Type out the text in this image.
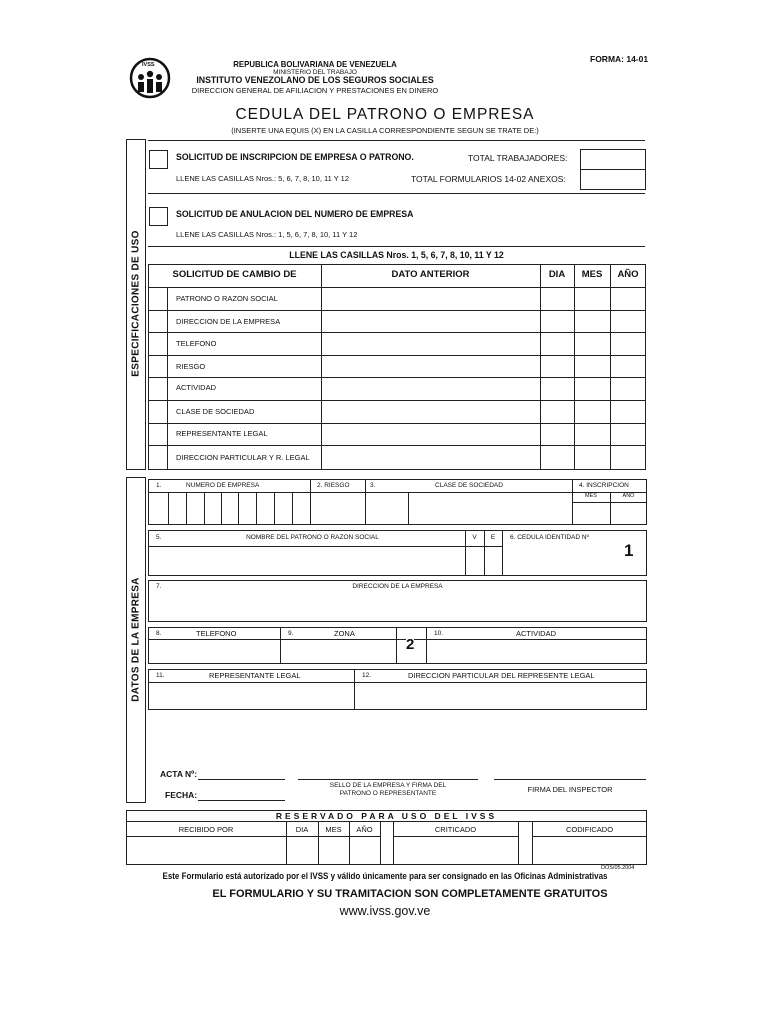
IVSS	REPUBLICA BOLIVARIANA DE VENEZUELA
MINISTERIO DEL TRABAJO
INSTITUTO VENEZOLANO DE LOS SEGUROS SOCIALES
DIRECCION GENERAL DE AFILIACION Y PRESTACIONES EN DINERO
FORMA: 14-01
CEDULA DEL PATRONO O EMPRESA
(INSERTE UNA EQUIS (X) EN LA CASILLA CORRESPONDIENTE SEGUN SE TRATE DE:)
ESPECIFICACIONES DE USO
SOLICITUD DE INSCRIPCION DE EMPRESA O PATRONO.
LLENE LAS CASILLAS Nros.: 5, 6, 7, 8, 10, 11 Y 12
TOTAL TRABAJADORES:
TOTAL FORMULARIOS 14-02 ANEXOS:
SOLICITUD DE ANULACION DEL NUMERO DE EMPRESA
LLENE LAS CASILLAS Nros.: 1, 5, 6, 7, 8, 10, 11 Y 12
LLENE LAS CASILLAS Nros. 1, 5, 6, 7, 8, 10, 11 Y 12
SOLICITUD DE CAMBIO DE	DATO ANTERIOR	DIA	MES	AÑO
PATRONO O RAZON SOCIAL
DIRECCION DE LA EMPRESA
TELEFONO
RIESGO
ACTIVIDAD
CLASE DE SOCIEDAD
REPRESENTANTE LEGAL
DIRECCION PARTICULAR Y R. LEGAL
DATOS DE LA EMPRESA
1.	NUMERO DE EMPRESA	2. RIESGO	3.	CLASE DE SOCIEDAD	4. INSCRIPCION
MES	AÑO
5.	NOMBRE DEL PATRONO O RAZON SOCIAL	V	E	6. CEDULA IDENTIDAD Nº
1
7.	DIRECCION DE LA EMPRESA
8.	TELEFONO	9.	ZONA
2
10.	ACTIVIDAD
11.	REPRESENTANTE LEGAL	12.	DIRECCION PARTICULAR DEL REPRESENTE LEGAL
ACTA Nº:
FECHA:
SELLO DE LA EMPRESA Y FIRMA DEL
PATRONO O REPRESENTANTE	FIRMA DEL INSPECTOR
RESERVADO PARA USO DEL IVSS
RECIBIDO POR	DIA	MES	AÑO	CRITICADO	CODIFICADO
DOS/05.2004
Este Formulario está autorizado por el IVSS y válido únicamente para ser consignado en las Oficinas Administrativas
EL FORMULARIO Y SU TRAMITACION SON COMPLETAMENTE GRATUITOS
www.ivss.gov.ve
